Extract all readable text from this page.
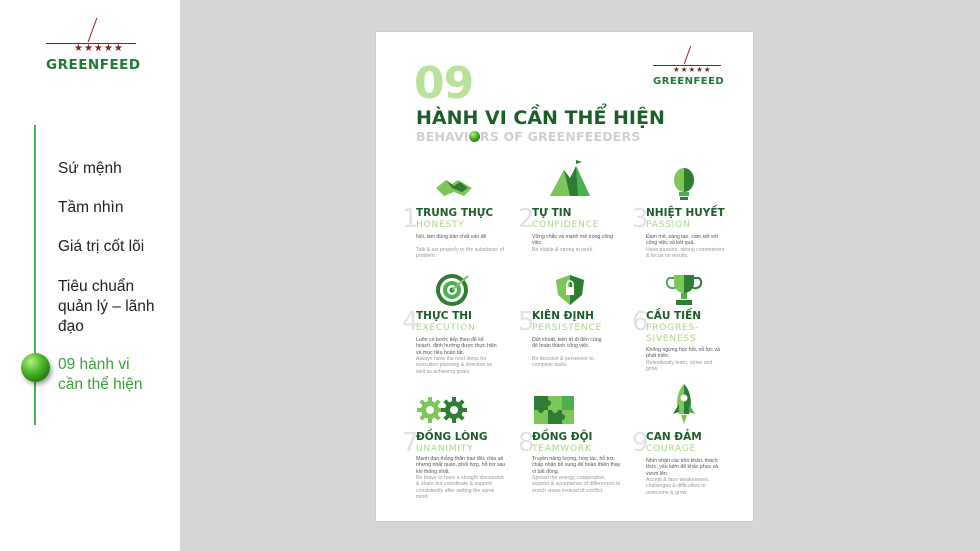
★★★★★
GREENFEED
Sứ mệnh
Tầm nhìn
Giá trị cốt lõi
Tiêu chuẩn quản lý – lãnh đạo
09 hành vi cần thể hiện
★★★★★
GREENFEED
09
HÀNH VI CẦN THỂ HIỆN
BEHAVI RS OF GREENFEEDERS
1
TRUNG THỰC
HONESTY
Nói, làm đúng bản chất vấn đề
Talk & act properly to the substance of problem.
2
TỰ TIN
CONFIDENCE
Vững chắc và mạnh mẽ trong công việc.
Be stable & strong in work.
3
NHIỆT HUYẾT
PASSION
Đam mê, sáng tạo, cam kết với công việc và kết quả.
Have passion, strong commitment & focus on results.
4
THỰC THI
EXECUTION
Luôn có bước tiếp theo để kế hoạch, định hướng được thực hiện và mục tiêu hoàn tất.
Always have the next steps for execution planning & direction as well as achieving goals.
5
KIÊN ĐỊNH
PERSISTENCE
Dứt khoát, kiên trì đi đến cùng để hoàn thành công việc.
Be decisive & persevere to complete tasks.
6
CẦU TIẾN
PROGRES-
SIVENESS
Không ngừng học hỏi, nỗ lực và phát triển.
Relentlessly learn, strive and grow.
7
ĐỒNG LÒNG
UNANIMITY
Mạnh dạn thẳng thắn trao đổi, chia sẻ nhưng nhất quán, phối hợp, hỗ trợ sau khi thống nhất.
Be brave to have a straight discussion & share but coordinate & support consistently after setting the same mind.
8
ĐỒNG ĐỘI
TEAMWORK
Truyền năng lượng, hợp tác, hỗ trợ, chấp nhận bổ sung để hoàn thiện thay vì bất đồng.
Spread the energy, cooperation, support & acceptance of differences to enrich views instead of conflict.
9
CAN ĐẢM
COURAGE
Nhìn nhận các khó khăn, thách thức, yếu kém để khắc phục và vươn lên.
Accept & face weaknesses, challenges & difficulties to overcome & grow.
